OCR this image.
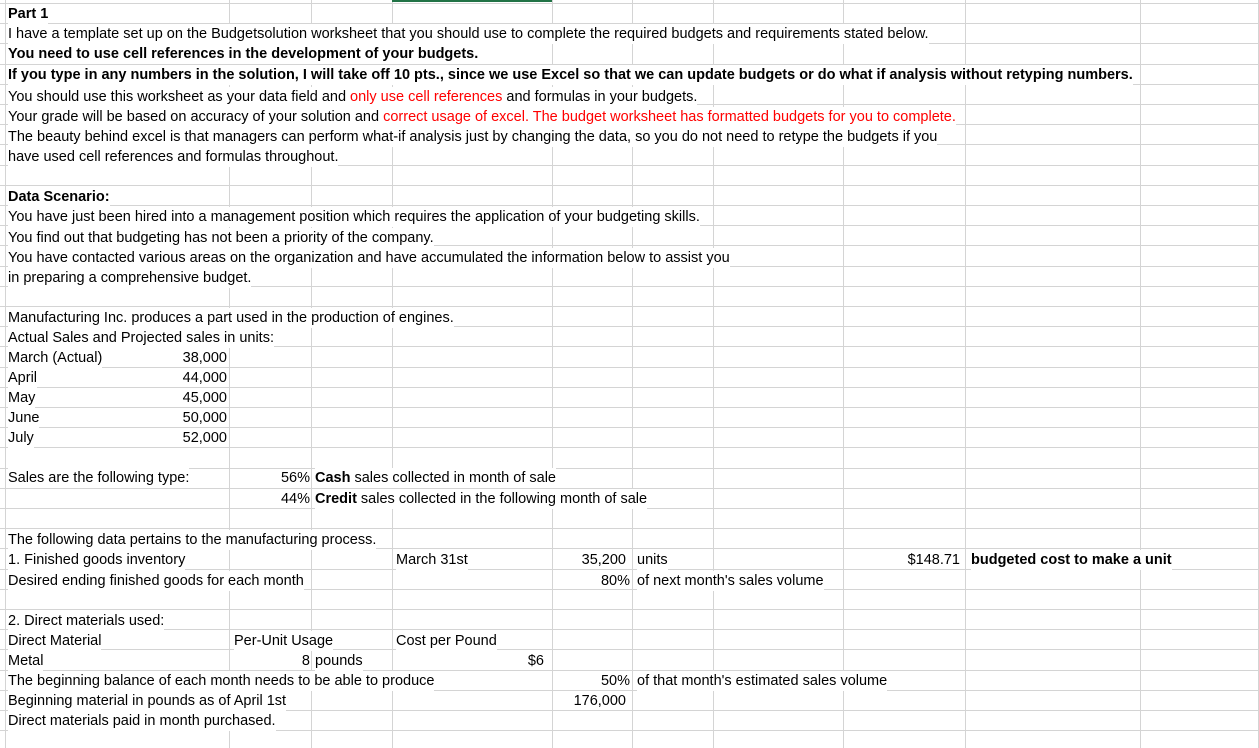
Part 1
I have a template set up on the Budgetsolution worksheet that you should use to complete the required budgets and requirements stated below.
You need to use cell references in the development of your budgets.
If you type in any numbers in the solution, I will take off 10 pts., since we use Excel so that we can update budgets or do what if analysis without retyping numbers.
You should use this worksheet as your data field and only use cell references and formulas in your budgets.
Your grade will be based on accuracy of your solution and correct usage of excel. The budget worksheet has formatted budgets for you to complete.
The beauty behind excel is that managers can perform what-if analysis just by changing the data, so you do not need to retype the budgets if you
have used cell references and formulas throughout.
Data Scenario:
You have just been hired into a management position which requires the application of your budgeting skills.
You find out that budgeting has not been a priority of the company.
You have contacted various areas on the organization and have accumulated the information below to assist you
in preparing a comprehensive budget.
Manufacturing Inc. produces a part used in the production of engines.
Actual Sales and Projected sales in units:
March (Actual)	38,000
April	44,000
May	45,000
June	50,000
July	52,000
Sales are the following type:	56% Cash sales collected in month of sale
44% Credit sales collected in the following month of sale
The following data pertains to the manufacturing process.
1. Finished goods inventory	March 31st	35,200 units	$148.71 budgeted cost to make a unit
Desired ending finished goods for each month	80% of next month's sales volume
2. Direct materials used:
Direct Material	Per-Unit Usage	Cost per Pound
Metal	8 pounds	$6
The beginning balance of each month needs to be able to produce	50% of that month's estimated sales volume
Beginning material in pounds as of April 1st	176,000
Direct materials paid in month purchased.
